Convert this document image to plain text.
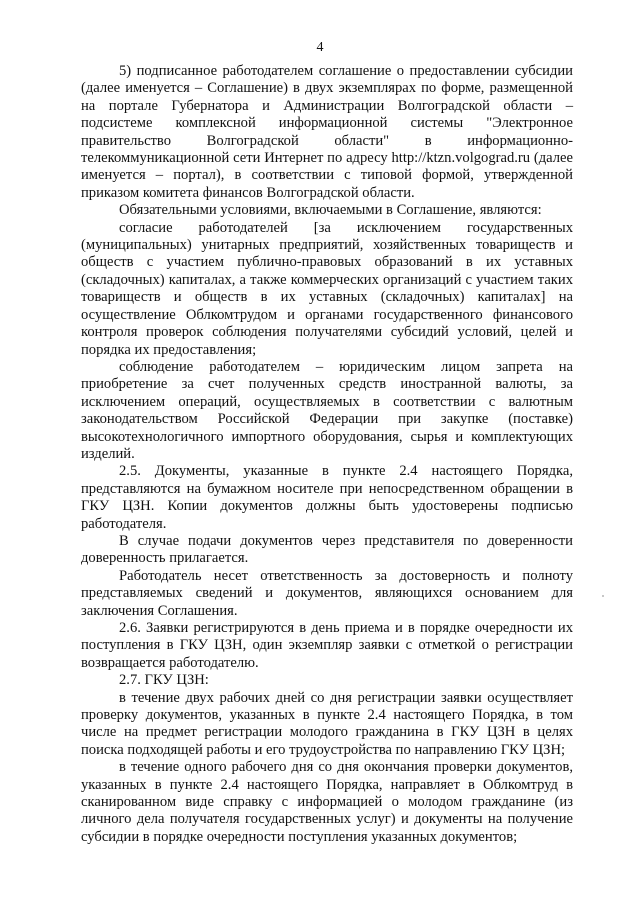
4

5) подписанное работодателем соглашение о предоставлении субсидии (далее именуется – Соглашение) в двух экземплярах по форме, размещенной на портале Губернатора и Администрации Волгоградской области – подсистеме комплексной информационной системы "Электронное правительство Волгоградской области" в информационно-телекоммуникационной сети Интернет по адресу http://ktzn.volgograd.ru (далее именуется – портал), в соответствии с типовой формой, утвержденной приказом комитета финансов Волгоградской области.

Обязательными условиями, включаемыми в Соглашение, являются:

согласие работодателей [за исключением государственных (муниципальных) унитарных предприятий, хозяйственных товариществ и обществ с участием публично-правовых образований в их уставных (складочных) капиталах, а также коммерческих организаций с участием таких товариществ и обществ в их уставных (складочных) капиталах] на осуществление Облкомтрудом и органами государственного финансового контроля проверок соблюдения получателями субсидий условий, целей и порядка их предоставления;

соблюдение работодателем – юридическим лицом запрета на приобретение за счет полученных средств иностранной валюты, за исключением операций, осуществляемых в соответствии с валютным законодательством Российской Федерации при закупке (поставке) высокотехнологичного импортного оборудования, сырья и комплектующих изделий.

2.5. Документы, указанные в пункте 2.4 настоящего Порядка, представляются на бумажном носителе при непосредственном обращении в ГКУ ЦЗН. Копии документов должны быть удостоверены подписью работодателя.

В случае подачи документов через представителя по доверенности доверенность прилагается.

Работодатель несет ответственность за достоверность и полноту представляемых сведений и документов, являющихся основанием для заключения Соглашения.

2.6. Заявки регистрируются в день приема и в порядке очередности их поступления в ГКУ ЦЗН, один экземпляр заявки с отметкой о регистрации возвращается работодателю.

2.7. ГКУ ЦЗН:

в течение двух рабочих дней со дня регистрации заявки осуществляет проверку документов, указанных в пункте 2.4 настоящего Порядка, в том числе на предмет регистрации молодого гражданина в ГКУ ЦЗН в целях поиска подходящей работы и его трудоустройства по направлению ГКУ ЦЗН;

в течение одного рабочего дня со дня окончания проверки документов, указанных в пункте 2.4 настоящего Порядка, направляет в Облкомтруд в сканированном виде справку с информацией о молодом гражданине (из личного дела получателя государственных услуг) и документы на получение субсидии в порядке очередности поступления указанных документов;
